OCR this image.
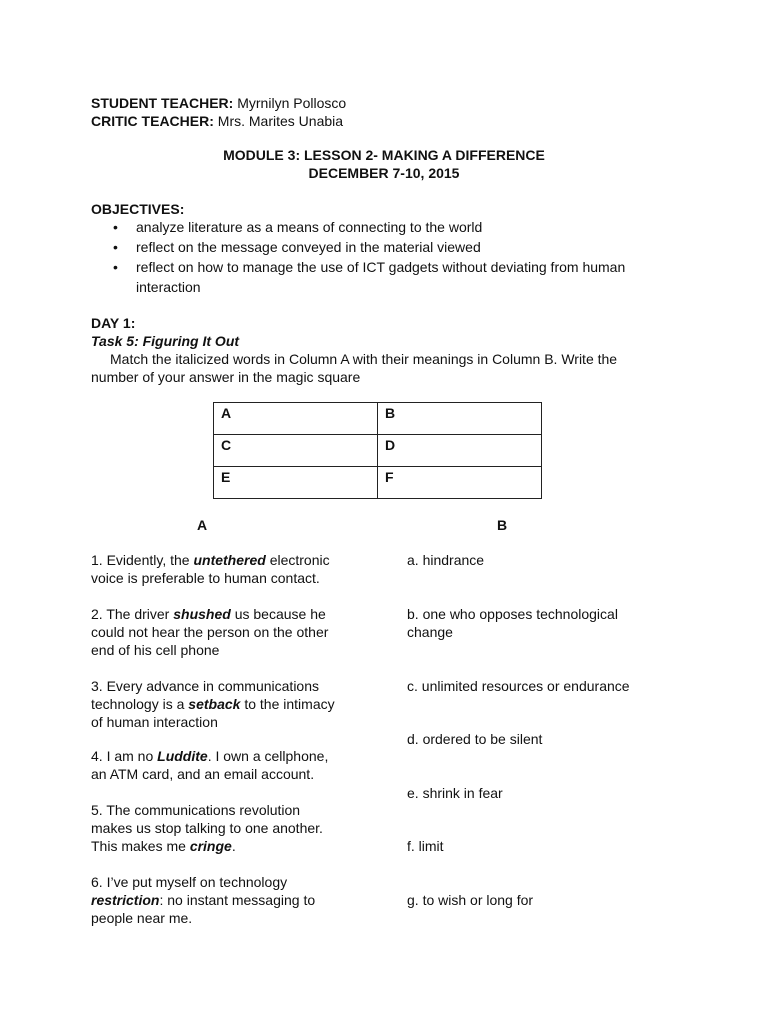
STUDENT TEACHER: Myrnilyn Pollosco
CRITIC TEACHER: Mrs. Marites Unabia
MODULE 3: LESSON 2- MAKING A DIFFERENCE
DECEMBER 7-10, 2015
OBJECTIVES:
• analyze literature as a means of connecting to the world
• reflect on the message conveyed in the material viewed
• reflect on how to manage the use of ICT gadgets without deviating from human
interaction
DAY 1:
Task 5: Figuring It Out
Match the italicized words in Column A with their meanings in Column B. Write the
number of your answer in the magic square
A	B
C	D
E	F
A	B
1. Evidently, the untethered electronic
voice is preferable to human contact.
2. The driver shushed us because he
could not hear the person on the other
end of his cell phone
3. Every advance in communications
technology is a setback to the intimacy
of human interaction
4. I am no Luddite. I own a cellphone,
an ATM card, and an email account.
5. The communications revolution
makes us stop talking to one another.
This makes me cringe.
6. I’ve put myself on technology
restriction: no instant messaging to
people near me.
a. hindrance
b. one who opposes technological
change
c. unlimited resources or endurance
d. ordered to be silent
e. shrink in fear
f. limit
g. to wish or long for
